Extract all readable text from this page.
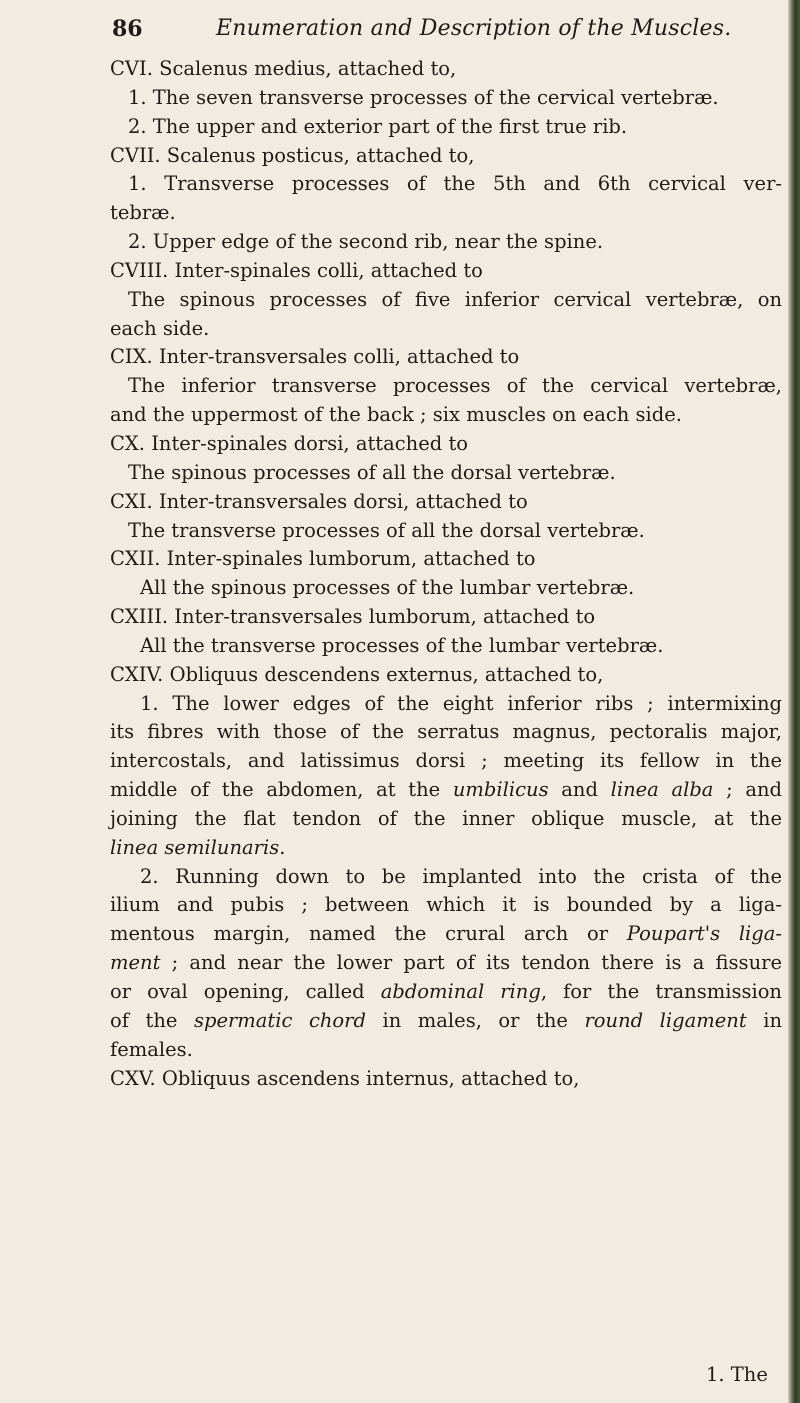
86	Enumeration and Description of the Muscles.
CVI. Scalenus medius, attached to,
1. The seven transverse processes of the cervical vertebræ.
2. The upper and exterior part of the first true rib.
CVII. Scalenus posticus, attached to,
1. Transverse processes of the 5th and 6th cervical ver-
tebræ.
2. Upper edge of the second rib, near the spine.
CVIII. Inter-spinales colli, attached to
The spinous processes of five inferior cervical vertebræ, on
each side.
CIX. Inter-transversales colli, attached to
The inferior transverse processes of the cervical vertebræ,
and the uppermost of the back ; six muscles on each side.
CX. Inter-spinales dorsi, attached to
The spinous processes of all the dorsal vertebræ.
CXI. Inter-transversales dorsi, attached to
The transverse processes of all the dorsal vertebræ.
CXII. Inter-spinales lumborum, attached to
All the spinous processes of the lumbar vertebræ.
CXIII. Inter-transversales lumborum, attached to
All the transverse processes of the lumbar vertebræ.
CXIV. Obliquus descendens externus, attached to,
1. The lower edges of the eight inferior ribs ; intermixing
its fibres with those of the serratus magnus, pectoralis major,
intercostals, and latissimus dorsi ; meeting its fellow in the
middle of the abdomen, at the umbilicus and linea alba ; and
joining the flat tendon of the inner oblique muscle, at the
linea semilunaris.
2. Running down to be implanted into the crista of the
ilium and pubis ; between which it is bounded by a liga-
mentous margin, named the crural arch or Poupart's liga-
ment ; and near the lower part of its tendon there is a fissure
or oval opening, called abdominal ring, for the transmission
of the spermatic chord in males, or the round ligament in
females.
CXV. Obliquus ascendens internus, attached to,
1. The
